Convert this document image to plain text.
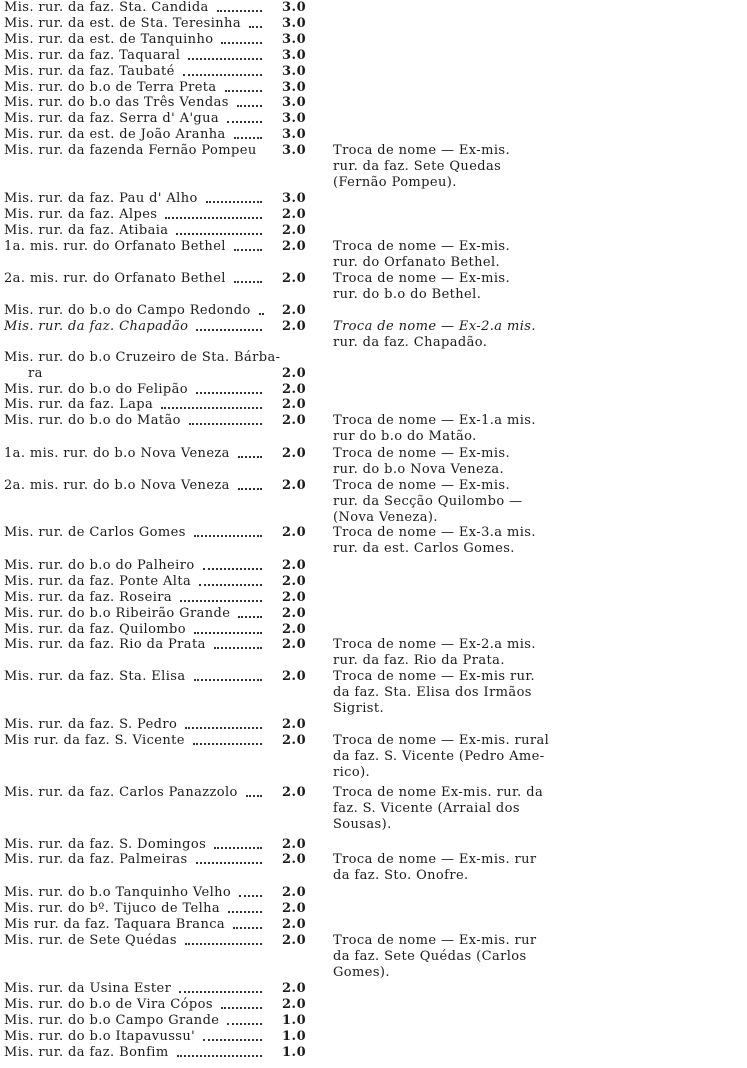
Mis. rur. da faz. Sta. Candida	3.0
Mis. rur. da est. de Sta. Teresinha	3.0
Mis. rur. da est. de Tanquinho	3.0
Mis. rur. da faz. Taquaral	3.0
Mis. rur. da faz. Taubaté	3.0
Mis. rur. do b.o de Terra Preta	3.0
Mis. rur. do b.o das Três Vendas	3.0
Mis. rur. da faz. Serra d' A'gua	3.0
Mis. rur. da est. de João Aranha	3.0
Mis. rur. da fazenda Fernão Pompeu 3.0 Troca de nome — Ex-mis.
rur. da faz. Sete Quedas
(Fernão Pompeu).
Mis. rur. da faz. Pau d' Alho	3.0
Mis. rur. da faz. Alpes	2.0
Mis. rur. da faz. Atibaia	2.0
1a. mis. rur. do Orfanato Bethel	2.0 Troca de nome — Ex-mis.
rur. do Orfanato Bethel.
2a. mis. rur. do Orfanato Bethel	2.0 Troca de nome — Ex-mis.
rur. do b.o do Bethel.
Mis. rur. do b.o do Campo Redondo 2.0
Mis. rur. da faz. Chapadão	2.0 Troca de nome — Ex-2.a mis.
rur. da faz. Chapadão.
Mis. rur. do b.o Cruzeiro de Sta. Bárba-
ra	2.0
Mis. rur. do b.o do Felipão	2.0
Mis. rur. da faz. Lapa	2.0
Mis. rur. do b.o do Matão	2.0 Troca de nome — Ex-1.a mis.
rur do b.o do Matão.
1a. mis. rur. do b.o Nova Veneza	2.0 Troca de nome — Ex-mis.
rur. do b.o Nova Veneza.
2a. mis. rur. do b.o Nova Veneza	2.0 Troca de nome — Ex-mis.
rur. da Secção Quilombo —
(Nova Veneza).
Mis. rur. de Carlos Gomes	2.0 Troca de nome — Ex-3.a mis.
rur. da est. Carlos Gomes.
Mis. rur. do b.o do Palheiro	2.0
Mis. rur. da faz. Ponte Alta	2.0
Mis. rur. da faz. Roseira	2.0
Mis. rur. do b.o Ribeirão Grande	2.0
Mis. rur. da faz. Quilombo	2.0
Mis. rur. da faz. Rio da Prata	2.0 Troca de nome — Ex-2.a mis.
rur. da faz. Rio da Prata.
Mis. rur. da faz. Sta. Elisa	2.0 Troca de nome — Ex-mis rur.
da faz. Sta. Elisa dos Irmãos
Sigrist.
Mis. rur. da faz. S. Pedro	2.0
Mis rur. da faz. S. Vicente	2.0 Troca de nome — Ex-mis. rural
da faz. S. Vicente (Pedro Ame-
rico).
Mis. rur. da faz. Carlos Panazzolo	2.0 Troca de nome Ex-mis. rur. da
faz. S. Vicente (Arraial dos
Sousas).
Mis. rur. da faz. S. Domingos	2.0
Mis. rur. da faz. Palmeiras	2.0 Troca de nome — Ex-mis. rur
da faz. Sto. Onofre.
Mis. rur. do b.o Tanquinho Velho	2.0
Mis. rur. do bº. Tijuco de Telha	2.0
Mis rur. da faz. Taquara Branca	2.0
Mis. rur. de Sete Quédas	2.0 Troca de nome — Ex-mis. rur
da faz. Sete Quédas (Carlos
Gomes).
Mis. rur. da Usina Ester	2.0
Mis. rur. do b.o de Vira Cópos	2.0
Mis. rur. do b.o Campo Grande	1.0
Mis. rur. do b.o Itapavussu'	1.0
Mis. rur. da faz. Bonfim	1.0
